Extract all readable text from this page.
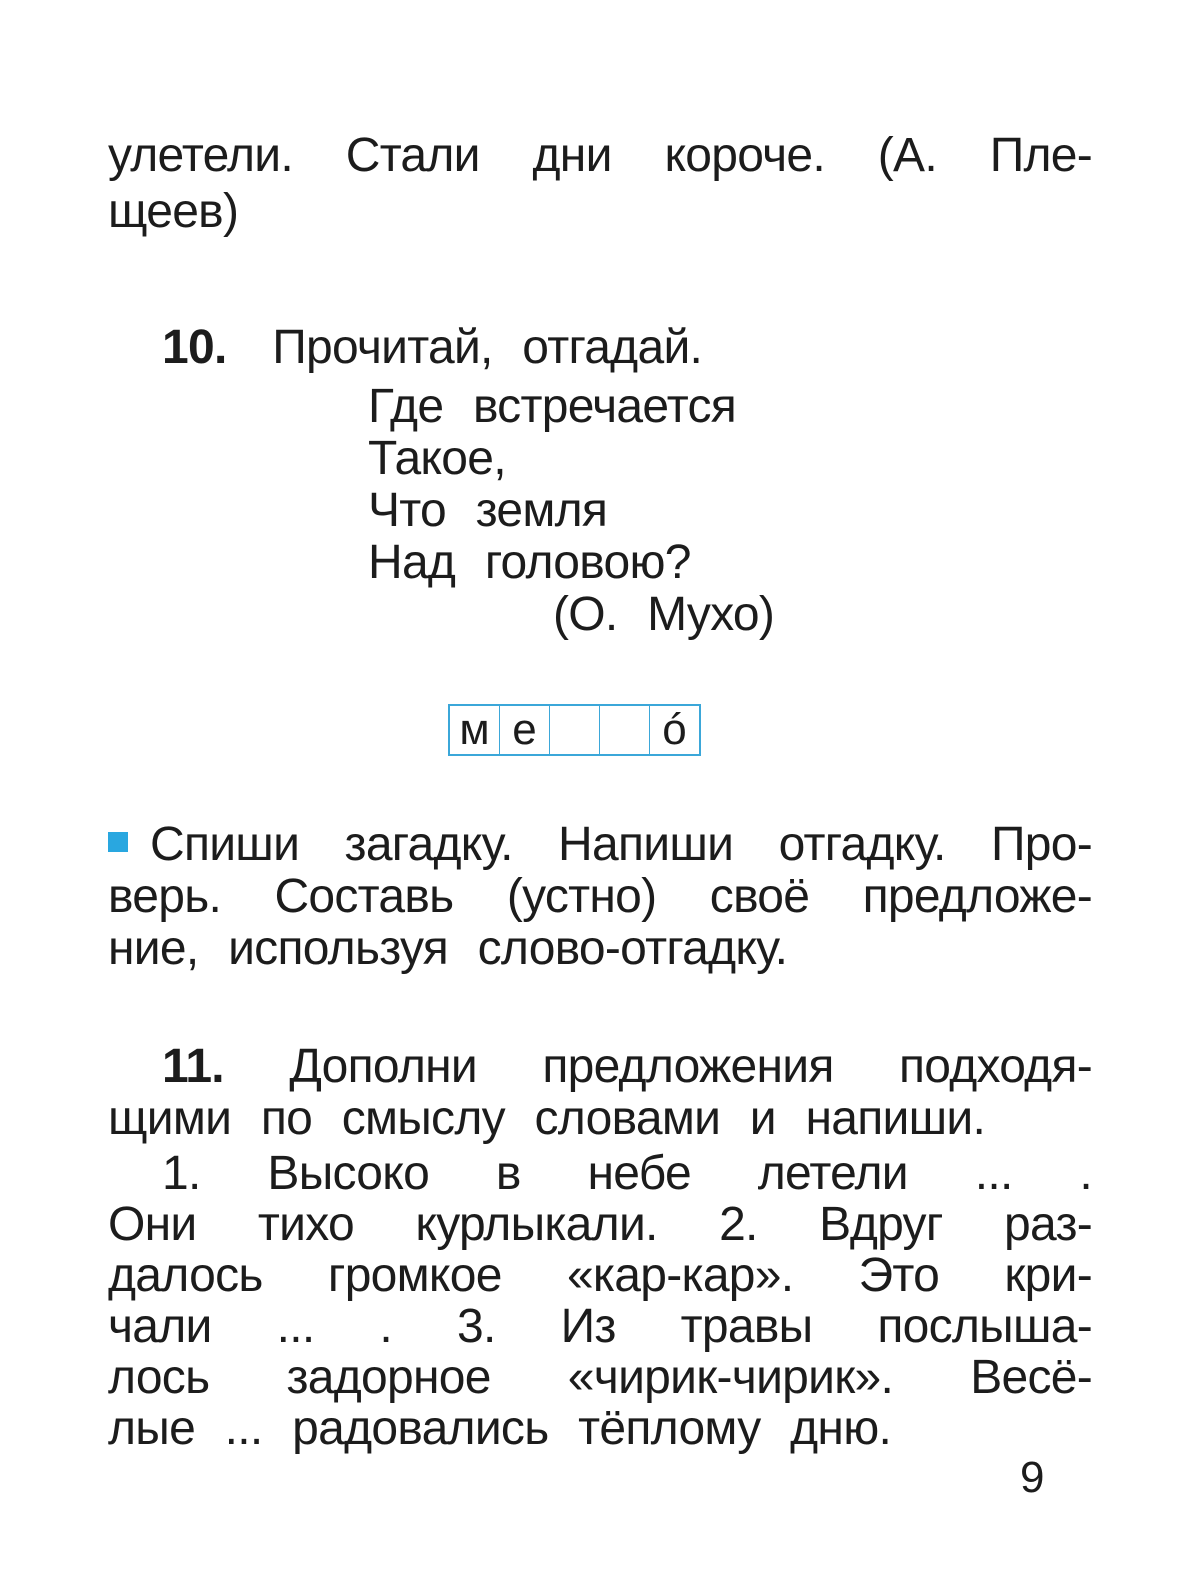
улетели. Стали дни короче. (А. Пле-
щеев)
10. Прочитай, отгадай.
Где встречается
Такое,
Что земля
Над головою?
(О. Мухо)
м е	ó
Спиши загадку. Напиши отгадку. Про-
верь. Составь (устно) своё предложе-
ние, используя слово-отгадку.
11. Дополни предложения подходя-
щими по смыслу словами и напиши.
1. Высоко в небе летели ... .
Они тихо курлыкали. 2. Вдруг раз-
далось громкое «кар-кар». Это кри-
чали ... . 3. Из травы послыша-
лось задорное «чирик-чирик». Весё-
лые ... радовались тёплому дню.
9
